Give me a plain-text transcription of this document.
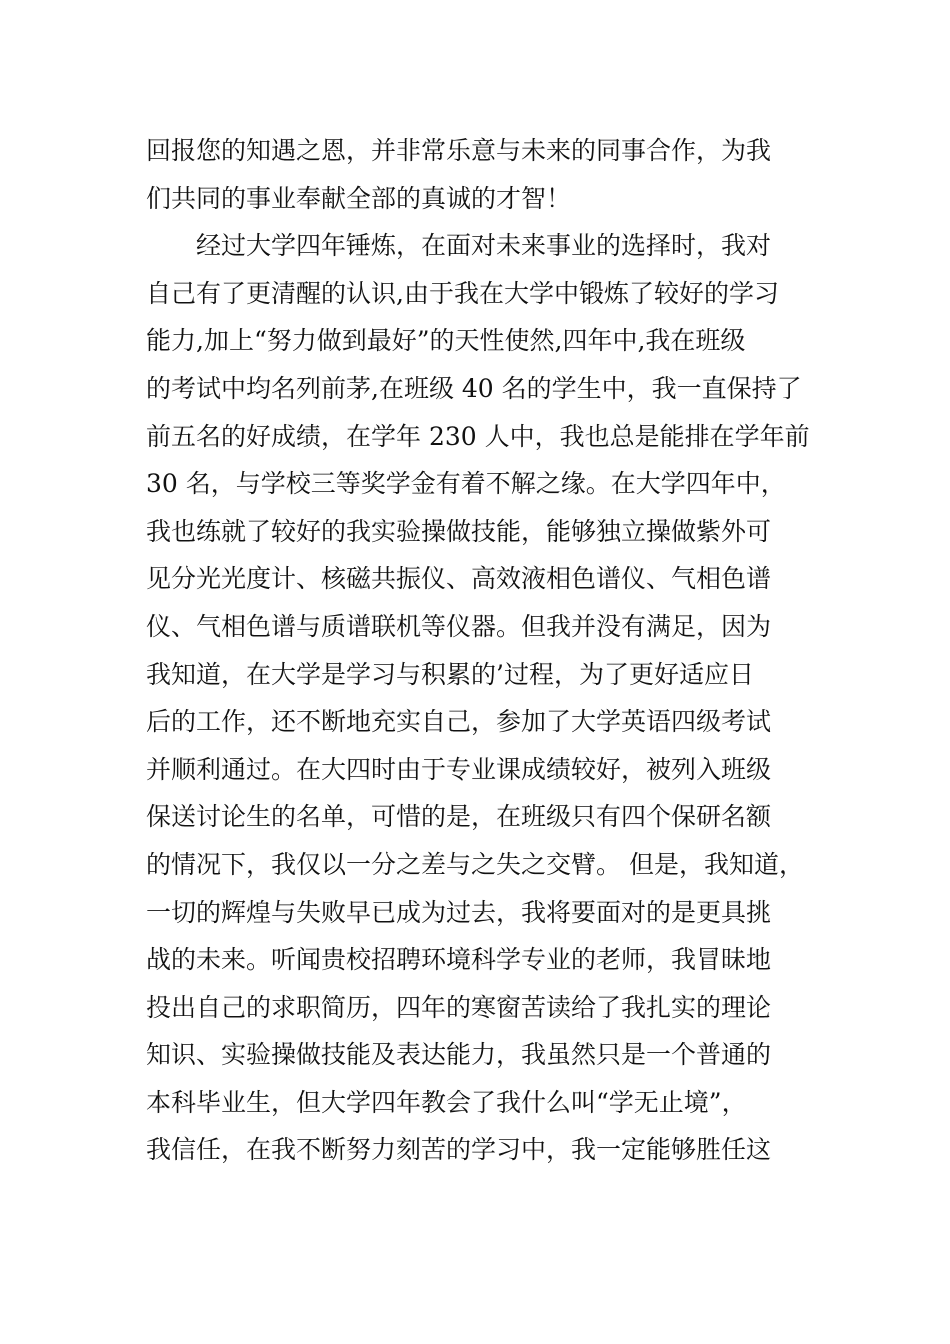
回报您的知遇之恩，并非常乐意与未来的同事合作，为我
们共同的事业奉献全部的真诚的才智！
经过大学四年锤炼，在面对未来事业的选择时，我对
自己有了更清醒的认识,由于我在大学中锻炼了较好的学习
能力,加上“努力做到最好”的天性使然,四年中,我在班级
的考试中均名列前茅,在班级 40 名的学生中，我一直保持了
前五名的好成绩，在学年 230 人中，我也总是能排在学年前
30 名，与学校三等奖学金有着不解之缘。在大学四年中，
我也练就了较好的我实验操做技能，能够独立操做紫外可
见分光光度计、核磁共振仪、高效液相色谱仪、气相色谱
仪、气相色谱与质谱联机等仪器。但我并没有满足，因为
我知道，在大学是学习与积累的’过程，为了更好适应日
后的工作，还不断地充实自己，参加了大学英语四级考试
并顺利通过。在大四时由于专业课成绩较好，被列入班级
保送讨论生的名单，可惜的是，在班级只有四个保研名额
的情况下，我仅以一分之差与之失之交臂。 但是，我知道，
一切的辉煌与失败早已成为过去，我将要面对的是更具挑
战的未来。听闻贵校招聘环境科学专业的老师，我冒昧地
投出自己的求职简历，四年的寒窗苦读给了我扎实的理论
知识、实验操做技能及表达能力，我虽然只是一个普通的
本科毕业生，但大学四年教会了我什么叫“学无止境”，
我信任，在我不断努力刻苦的学习中，我一定能够胜任这
